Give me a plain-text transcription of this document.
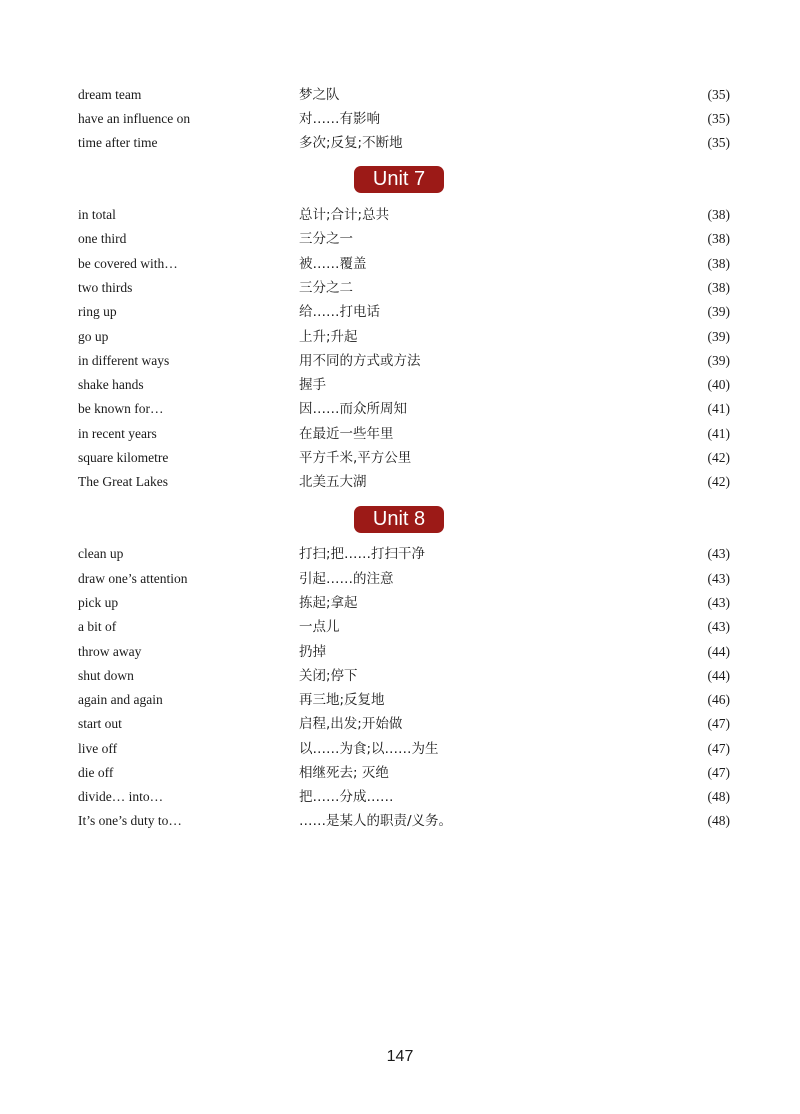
dream team	梦之队	(35)
have an influence on	对……有影响	(35)
time after time	多次;反复;不断地	(35)
Unit 7
in total	总计;合计;总共	(38)
one third	三分之一	(38)
be covered with…	被……覆盖	(38)
two thirds	三分之二	(38)
ring up	给……打电话	(39)
go up	上升;升起	(39)
in different ways	用不同的方式或方法	(39)
shake hands	握手	(40)
be known for…	因……而众所周知	(41)
in recent years	在最近一些年里	(41)
square kilometre	平方千米,平方公里	(42)
The Great Lakes	北美五大湖	(42)
Unit 8
clean up	打扫;把……打扫干净	(43)
draw one’s attention	引起……的注意	(43)
pick up	拣起;拿起	(43)
a bit of	一点儿	(43)
throw away	扔掉	(44)
shut down	关闭;停下	(44)
again and again	再三地;反复地	(46)
start out	启程,出发;开始做	(47)
live off	以……为食;以……为生	(47)
die off	相继死去; 灭绝	(47)
divide… into…	把……分成……	(48)
It’s one’s duty to…	……是某人的职责/义务。	(48)
147
